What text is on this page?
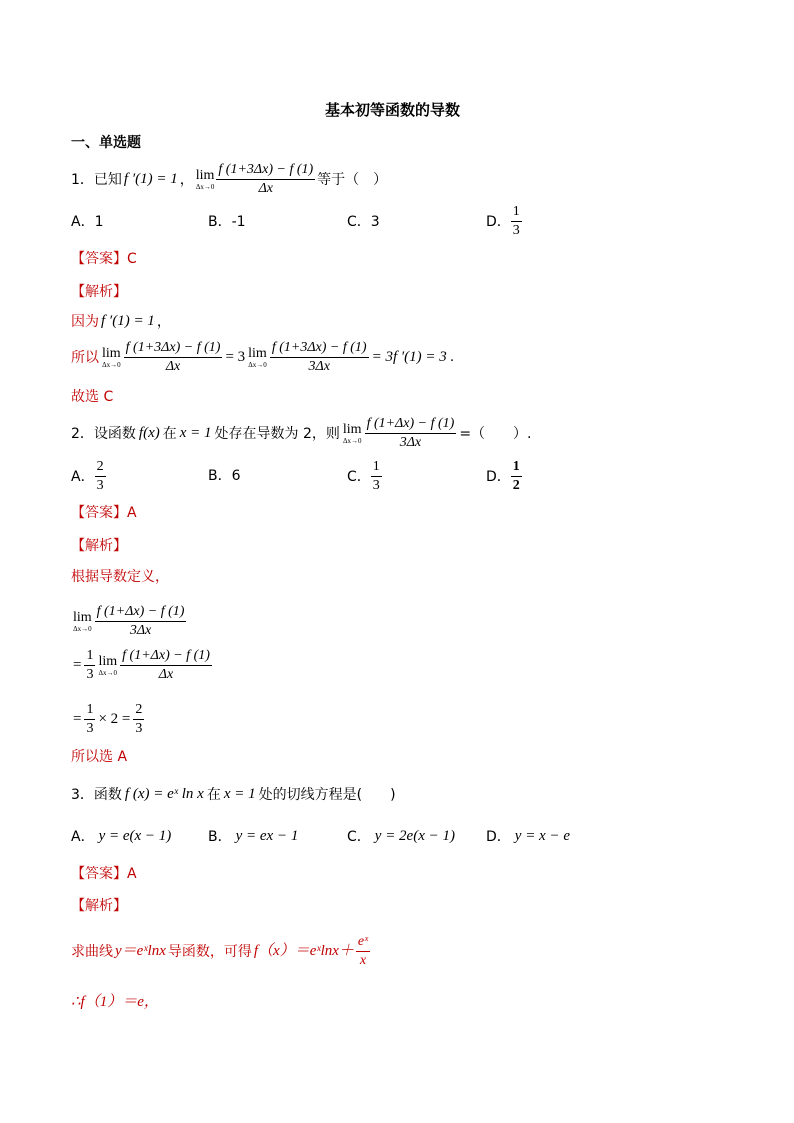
基本初等函数的导数
一、单选题
1．已知 f ′(1) = 1 ， lim
$\Delta x\to 0 \frac{f (1+3\Delta x) - f (1)}{\Delta x}$ 等于（　）
A．1	B．-1	C．3	D． $\frac{1}{3}$
【答案】C
【解析】
因为 f ′(1) = 1 ，
所以 lim
$\Delta x\to 0 \frac{f (1+3\Delta x) - f (1)}{\Delta x} = 3$ lim
$\Delta x\to 0 \frac{f (1+3\Delta x) - f (1)}{3\Delta x} = 3f$ ′(1) = 3 .
故选 C
2．设函数 f(x) 在 x = 1 处存在导数为 2，则 lim
$\Delta x\to 0 \frac{f (1+\Delta x) - f (1)}{3\Delta x}$ =（　　）.
A． $\frac{2}{3}$	B．6	C． $\frac{1}{3}$	D． $\frac{1}{2}$
【答案】A
【解析】
根据导数定义，
lim
$\Delta x\to 0 \frac{f (1+\Delta x) - f (1)}{3\Delta x}$
= $\frac{1}{3}$ lim
$\Delta x\to 0 \frac{f (1+\Delta x) - f (1)}{\Delta x}$
= $\frac{1}{3} \times 2 = \frac{2}{3}$
所以选 A
3．函数 f (x) = eˣ ln x 在 x = 1 处的切线方程是(　　)
A． y = e(x − 1)	B． y = ex − 1	C． y = 2e(x − 1) D． y = x − e
【答案】A
【解析】
求曲线 y＝eˣlnx 导函数，可得 f（x）＝eˣlnx＋ $\frac{\text{eˣ}}{x}$
∴f（1）＝e，
